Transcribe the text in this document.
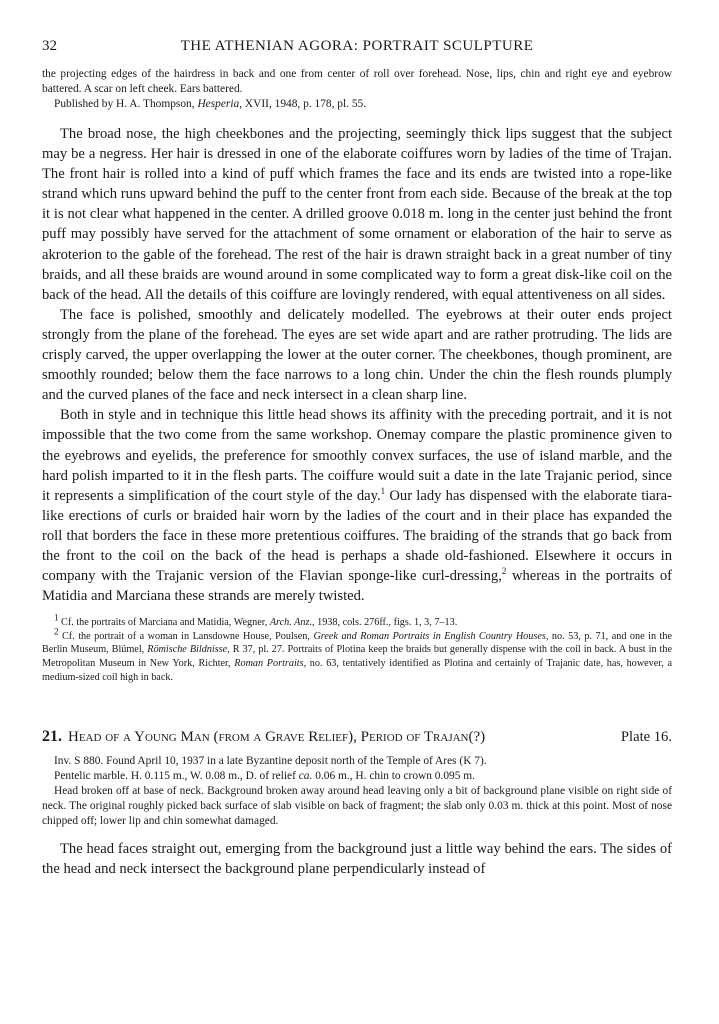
32	THE ATHENIAN AGORA: PORTRAIT SCULPTURE

the projecting edges of the hairdress in back and one from center of roll over forehead. Nose, lips, chin and right eye and eyebrow battered. A scar on left cheek. Ears battered.

Published by H. A. Thompson, Hesperia, XVII, 1948, p. 178, pl. 55.

The broad nose, the high cheekbones and the projecting, seemingly thick lips suggest that the subject may be a negress. Her hair is dressed in one of the elaborate coiffures worn by ladies of the time of Trajan. The front hair is rolled into a kind of puff which frames the face and its ends are twisted into a rope-like strand which runs upward behind the puff to the center front from each side. Because of the break at the top it is not clear what happened in the center. A drilled groove 0.018 m. long in the center just behind the front puff may possibly have served for the attachment of some ornament or elaboration of the hair to serve as akroterion to the gable of the forehead. The rest of the hair is drawn straight back in a great number of tiny braids, and all these braids are wound around in some complicated way to form a great disk-like coil on the back of the head. All the details of this coiffure are lovingly rendered, with equal attentiveness on all sides.

The face is polished, smoothly and delicately modelled. The eyebrows at their outer ends project strongly from the plane of the forehead. The eyes are set wide apart and are rather protruding. The lids are crisply carved, the upper overlapping the lower at the outer corner. The cheekbones, though prominent, are smoothly rounded; below them the face narrows to a long chin. Under the chin the flesh rounds plumply and the curved planes of the face and neck intersect in a clean sharp line.

Both in style and in technique this little head shows its affinity with the preceding portrait, and it is not impossible that the two come from the same workshop. Onemay compare the plastic prominence given to the eyebrows and eyelids, the preference for smoothly convex surfaces, the use of island marble, and the hard polish imparted to it in the flesh parts. The coiffure would suit a date in the late Trajanic period, since it represents a simplification of the court style of the day.$^1$ Our lady has dispensed with the elaborate tiara-like erections of curls or braided hair worn by the ladies of the court and in their place has expanded the roll that borders the face in these more pretentious coiffures. The braiding of the strands that go back from the front to the coil on the back of the head is perhaps a shade old-fashioned. Elsewhere it occurs in company with the Trajanic version of the Flavian sponge-like curl-dressing,$^2$ whereas in the portraits of Matidia and Marciana these strands are merely twisted.

$^1$ Cf. the portraits of Marciana and Matidia, Wegner, Arch. Anz., 1938, cols. 276ff., figs. 1, 3, 7–13.

$^2$ Cf. the portrait of a woman in Lansdowne House, Poulsen, Greek and Roman Portraits in English Country Houses, no. 53, p. 71, and one in the Berlin Museum, Blümel, Römische Bildnisse, R 37, pl. 27. Portraits of Plotina keep the braids but generally dispense with the coil in back. A bust in the Metropolitan Museum in New York, Richter, Roman Portraits, no. 63, tentatively identified as Plotina and certainly of Trajanic date, has, however, a medium-sized coil high in back.

21. Head of a Young Man (from a Grave Relief), Period of Trajan(?)	Plate 16.

Inv. S 880. Found April 10, 1937 in a late Byzantine deposit north of the Temple of Ares (K 7).

Pentelic marble. H. 0.115 m., W. 0.08 m., D. of relief ca. 0.06 m., H. chin to crown 0.095 m.

Head broken off at base of neck. Background broken away around head leaving only a bit of background plane visible on right side of neck. The original roughly picked back surface of slab visible on back of fragment; the slab only 0.03 m. thick at this point. Most of nose chipped off; lower lip and chin somewhat damaged.

The head faces straight out, emerging from the background just a little way behind the ears. The sides of the head and neck intersect the background plane perpendicularly instead of
